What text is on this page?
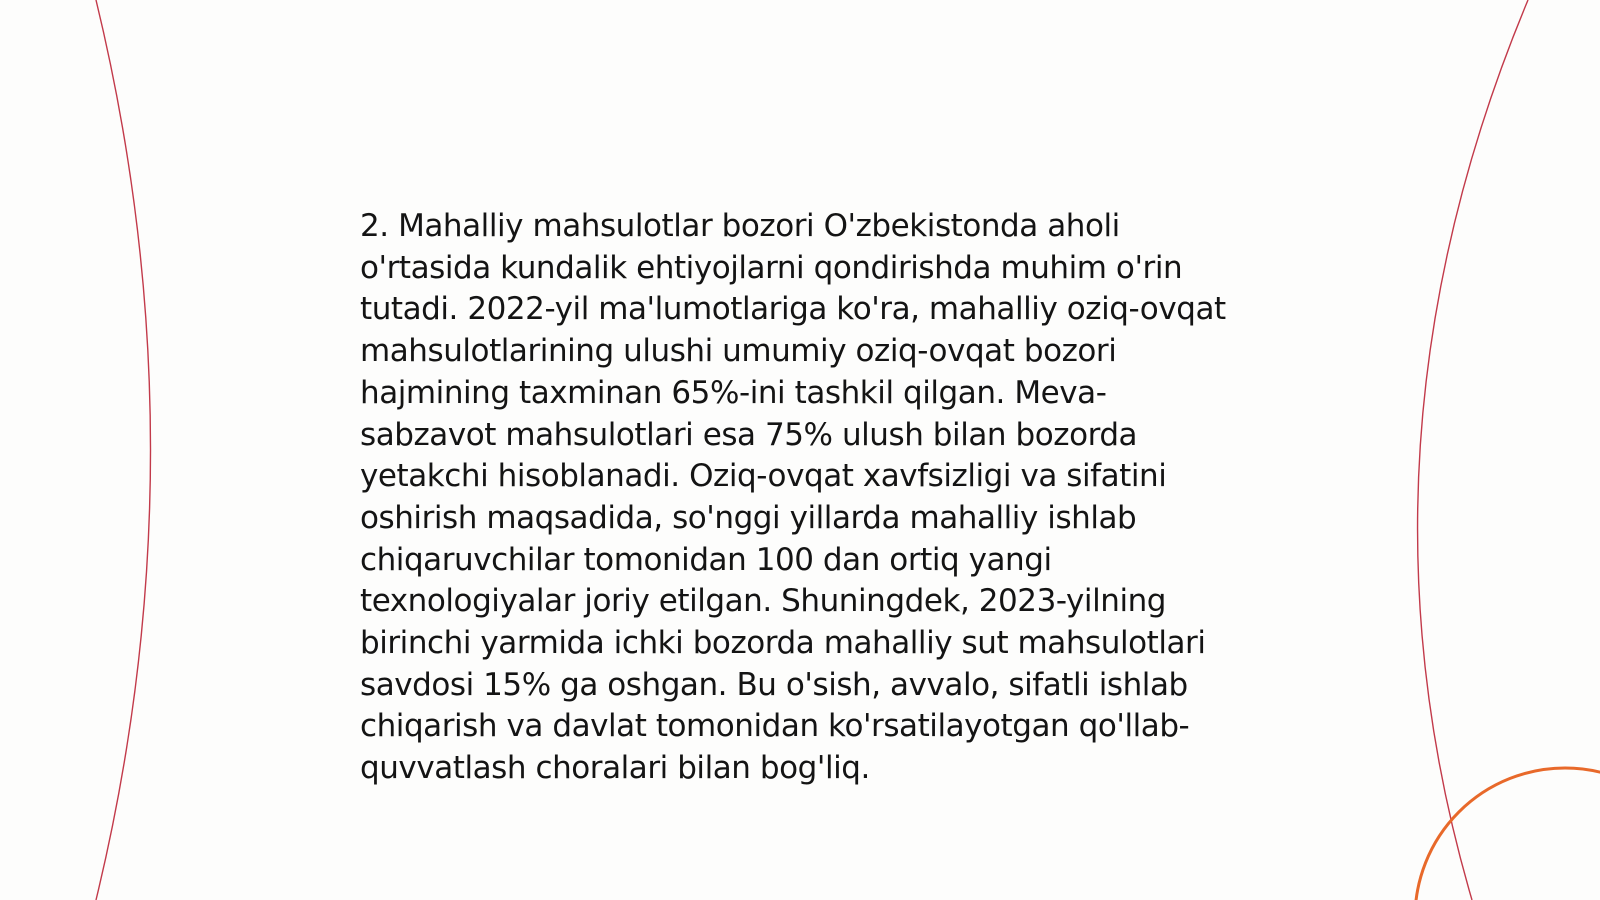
2. Mahalliy mahsulotlar bozori O'zbekistonda aholi o'rtasida kundalik ehtiyojlarni qondirishda muhim o'rin tutadi. 2022-yil ma'lumotlariga ko'ra, mahalliy oziq-ovqat mahsulotlarining ulushi umumiy oziq-ovqat bozori hajmining taxminan 65%-ini tashkil qilgan. Meva-sabzavot mahsulotlari esa 75% ulush bilan bozorda yetakchi hisoblanadi. Oziq-ovqat xavfsizligi va sifatini oshirish maqsadida, so'nggi yillarda mahalliy ishlab chiqaruvchilar tomonidan 100 dan ortiq yangi texnologiyalar joriy etilgan. Shuningdek, 2023-yilning birinchi yarmida ichki bozorda mahalliy sut mahsulotlari savdosi 15% ga oshgan. Bu o'sish, avvalo, sifatli ishlab chiqarish va davlat tomonidan ko'rsatilayotgan qo'llab-quvvatlash choralari bilan bog'liq.
